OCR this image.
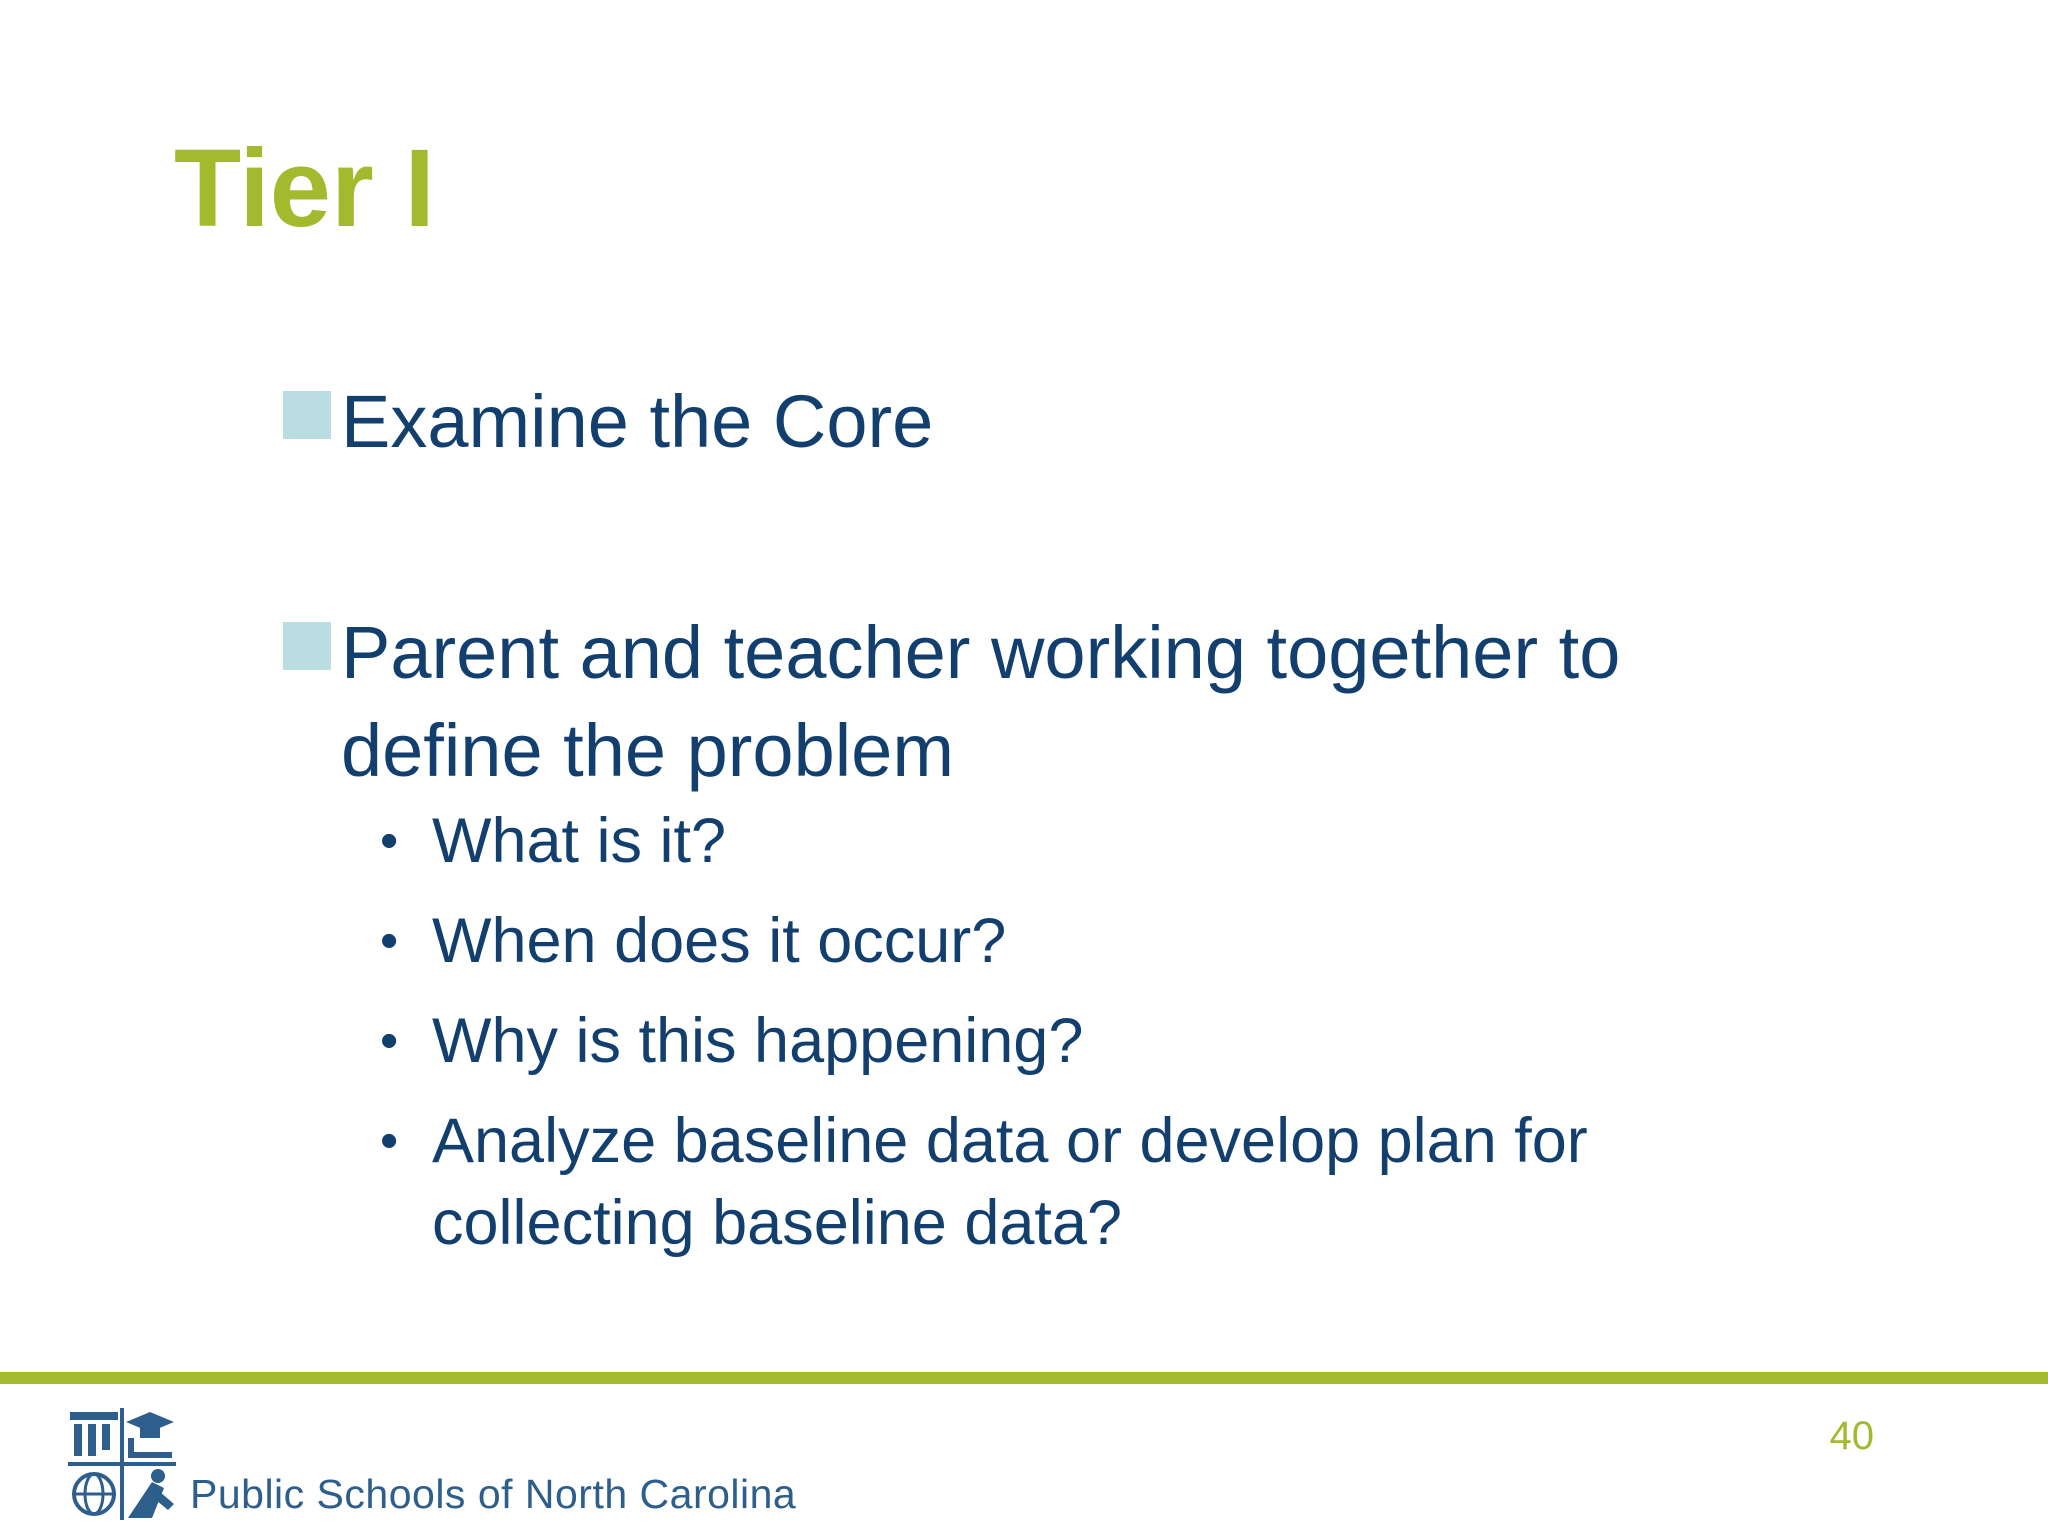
Tier I
Examine the Core
Parent and teacher working together to define the problem
• What is it?
• When does it occur?
• Why is this happening?
• Analyze baseline data or develop plan for collecting baseline data?
Public Schools of North Carolina
40
